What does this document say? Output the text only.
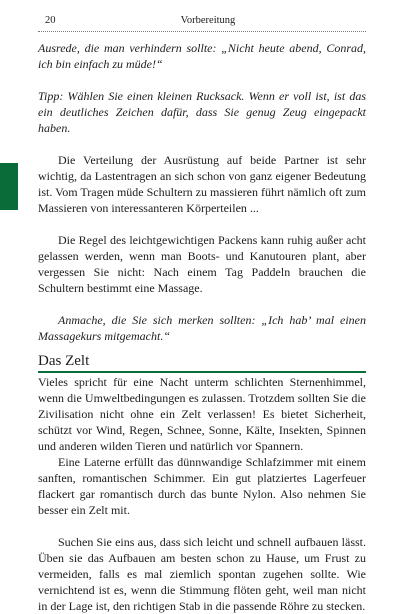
20	Vorbereitung

Ausrede, die man verhindern sollte: „Nicht heute abend, Conrad, ich bin einfach zu müde!“

Tipp: Wählen Sie einen kleinen Rucksack. Wenn er voll ist, ist das ein deutliches Zeichen dafür, dass Sie genug Zeug eingepackt haben.

Die Verteilung der Ausrüstung auf beide Partner ist sehr wichtig, da Lastentragen an sich schon von ganz eigener Bedeutung ist. Vom Tragen müde Schultern zu massieren führt nämlich oft zum Massieren von interessanteren Körperteilen ...

Die Regel des leichtgewichtigen Packens kann ruhig außer acht gelassen werden, wenn man Boots- und Kanutouren plant, aber vergessen Sie nicht: Nach einem Tag Paddeln brauchen die Schultern bestimmt eine Massage.

Anmache, die Sie sich merken sollten: „Ich hab’ mal einen Massagekurs mitgemacht.“

Das Zelt

Vieles spricht für eine Nacht unterm schlichten Sternenhimmel, wenn die Umweltbedingungen es zulassen. Trotzdem sollten Sie die Zivilisation nicht ohne ein Zelt verlassen! Es bietet Sicherheit, schützt vor Wind, Regen, Schnee, Sonne, Kälte, Insekten, Spinnen und anderen wilden Tieren und natürlich vor Spannern.

Eine Laterne erfüllt das dünnwandige Schlafzimmer mit einem sanften, romantischen Schimmer. Ein gut platziertes Lagerfeuer flackert gar romantisch durch das bunte Nylon. Also nehmen Sie besser ein Zelt mit.

Suchen Sie eins aus, dass sich leicht und schnell aufbauen lässt. Üben sie das Aufbauen am besten schon zu Hause, um Frust zu vermeiden, falls es mal ziemlich spontan zugehen sollte. Wie vernichtend ist es, wenn die Stimmung flöten geht, weil man nicht in der Lage ist, den richtigen Stab in die passende Röhre zu stecken.
